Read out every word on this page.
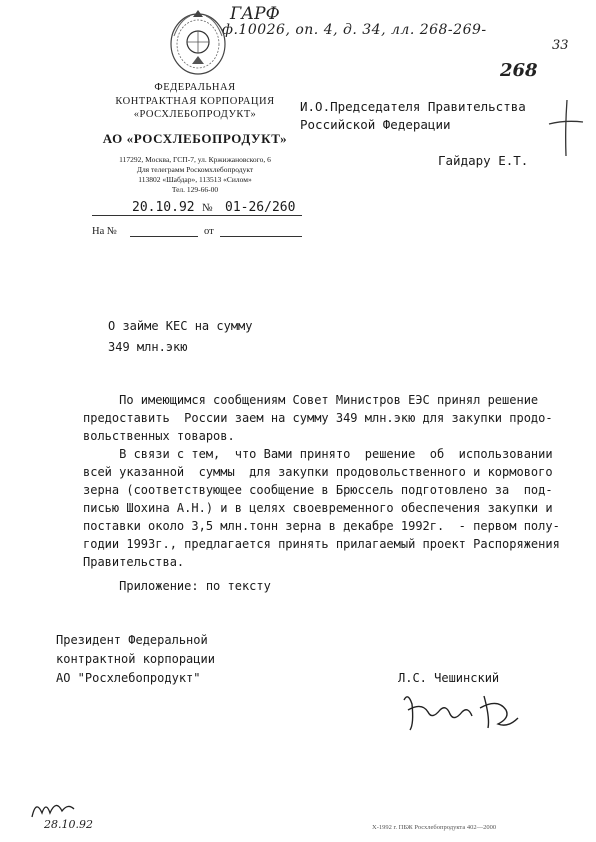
ГАРФ
ф.10026, оп. 4, д. 34, лл. 268-269-
33
268
ФЕДЕРАЛЬНАЯ
КОНТРАКТНАЯ КОРПОРАЦИЯ
«РОСХЛЕБОПРОДУКТ»
АО «РОСХЛЕБОПРОДУКТ»
117292, Москва, ГСП-7, ул. Кржижановского, 6
Для телеграмм Роскомхлебопродукт
113802 «Шабдар», 113513 «Силом»
Тел. 129-66-00
20.10.92 № 01-26/260
На №	от
И.О.Председателя Правительства
Российской Федерации
Гайдару Е.Т.
О займе КЕС на сумму
349 млн.экю
По имеющимся сообщениям Совет Министров ЕЭС принял решение
предоставить  России заем на сумму 349 млн.экю для закупки продо-
вольственных товаров.
В связи с тем,  что Вами принято  решение  об  использовании
всей указанной  суммы  для закупки продовольственного и кормового
зерна (соответствующее сообщение в Брюссель подготовлено за  под-
писью Шохина А.Н.) и в целях своевременного обеспечения закупки и
поставки около 3,5 млн.тонн зерна в декабре 1992г.  - первом полу-
годии 1993г., предлагается принять прилагаемый проект Распоряжения
Правительства.
Приложение: по тексту
Президент Федеральной
контрактной корпорации
АО "Росхлебопродукт"	Л.С. Чешинский
28.10.92	Х-1992 г. ПБЖ Росхлебопродукта 402—2000
